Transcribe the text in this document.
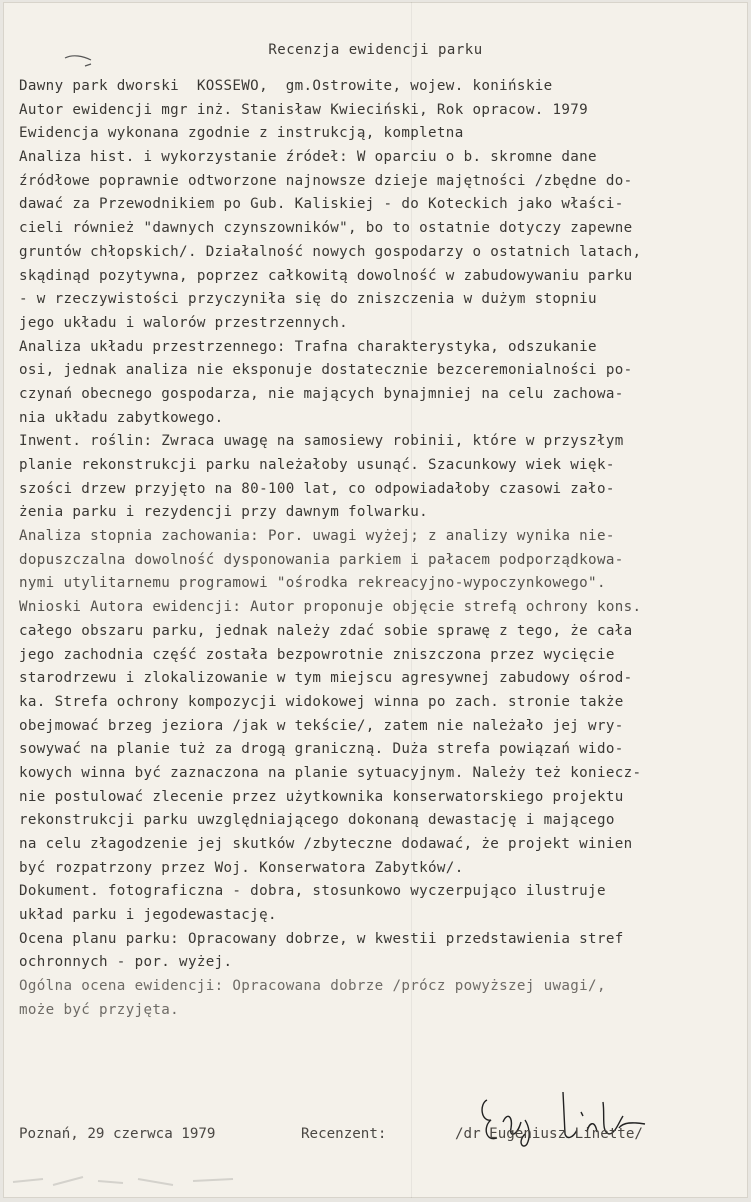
Recenzja ewidencji parku
Dawny park dworski  KOSSEWO,  gm.Ostrowite, wojew. konińskie
Autor ewidencji mgr inż. Stanisław Kwieciński, Rok opracow. 1979
Ewidencja wykonana zgodnie z instrukcją, kompletna
Analiza hist. i wykorzystanie źródeł: W oparciu o b. skromne dane
źródłowe poprawnie odtworzone najnowsze dzieje majętności /zbędne do-
dawać za Przewodnikiem po Gub. Kaliskiej - do Koteckich jako właści-
cieli również "dawnych czynszowników", bo to ostatnie dotyczy zapewne
gruntów chłopskich/. Działalność nowych gospodarzy o ostatnich latach,
skądinąd pozytywna, poprzez całkowitą dowolność w zabudowywaniu parku
- w rzeczywistości przyczyniła się do zniszczenia w dużym stopniu
jego układu i walorów przestrzennych.
Analiza układu przestrzennego: Trafna charakterystyka, odszukanie
osi, jednak analiza nie eksponuje dostatecznie bezceremonialności po-
czynań obecnego gospodarza, nie mających bynajmniej na celu zachowa-
nia układu zabytkowego.
Inwent. roślin: Zwraca uwagę na samosiewy robinii, które w przyszłym
planie rekonstrukcji parku należałoby usunąć. Szacunkowy wiek więk-
szości drzew przyjęto na 80-100 lat, co odpowiadałoby czasowi zało-
żenia parku i rezydencji przy dawnym folwarku.
Analiza stopnia zachowania: Por. uwagi wyżej; z analizy wynika nie-
dopuszczalna dowolność dysponowania parkiem i pałacem podporządkowa-
nymi utylitarnemu programowi "ośrodka rekreacyjno-wypoczynkowego".
Wnioski Autora ewidencji: Autor proponuje objęcie strefą ochrony kons.
całego obszaru parku, jednak należy zdać sobie sprawę z tego, że cała
jego zachodnia część została bezpowrotnie zniszczona przez wycięcie
starodrzewu i zlokalizowanie w tym miejscu agresywnej zabudowy ośrod-
ka. Strefa ochrony kompozycji widokowej winna po zach. stronie także
obejmować brzeg jeziora /jak w tekście/, zatem nie należało jej wry-
sowywać na planie tuż za drogą graniczną. Duża strefa powiązań wido-
kowych winna być zaznaczona na planie sytuacyjnym. Należy też koniecz-
nie postulować zlecenie przez użytkownika konserwatorskiego projektu
rekonstrukcji parku uwzględniającego dokonaną dewastację i mającego
na celu złagodzenie jej skutków /zbyteczne dodawać, że projekt winien
być rozpatrzony przez Woj. Konserwatora Zabytków/.
Dokument. fotograficzna - dobra, stosunkowo wyczerpująco ilustruje
układ parku i jegodewastację.
Ocena planu parku: Opracowany dobrze, w kwestii przedstawienia stref
ochronnych - por. wyżej.
Ogólna ocena ewidencji: Opracowana dobrze /prócz powyższej uwagi/,
może być przyjęta.

Poznań, 29 czerwca 1979

	Recenzent:

	/dr Eugeniusz Linette/
